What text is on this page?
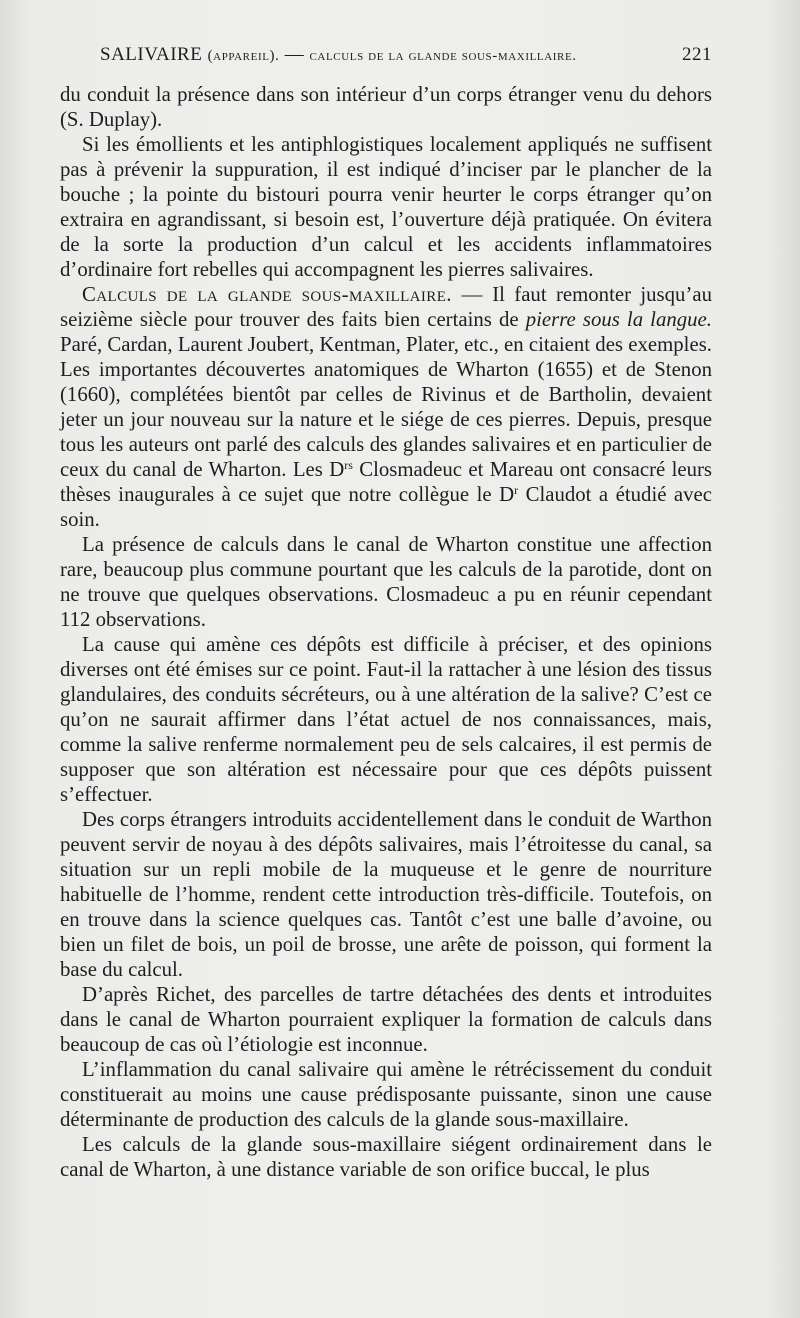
SALIVAIRE (appareil). — calculs de la glande sous-maxillaire.	221

du conduit la présence dans son intérieur d’un corps étranger venu du dehors (S. Duplay).

Si les émollients et les antiphlogistiques localement appliqués ne suffisent pas à prévenir la suppuration, il est indiqué d’inciser par le plancher de la bouche ; la pointe du bistouri pourra venir heurter le corps étranger qu’on extraira en agrandissant, si besoin est, l’ouverture déjà pratiquée. On évitera de la sorte la production d’un calcul et les accidents inflammatoires d’ordinaire fort rebelles qui accompagnent les pierres salivaires.

Calculs de la glande sous-maxillaire. — Il faut remonter jusqu’au seizième siècle pour trouver des faits bien certains de pierre sous la langue. Paré, Cardan, Laurent Joubert, Kentman, Plater, etc., en citaient des exemples. Les importantes découvertes anatomiques de Wharton (1655) et de Stenon (1660), complétées bientôt par celles de Rivinus et de Bartholin, devaient jeter un jour nouveau sur la nature et le siége de ces pierres. Depuis, presque tous les auteurs ont parlé des calculs des glandes salivaires et en particulier de ceux du canal de Wharton. Les $D^{rs}$ Closmadeuc et Mareau ont consacré leurs thèses inaugurales à ce sujet que notre collègue le $D^r$ Claudot a étudié avec soin.

La présence de calculs dans le canal de Wharton constitue une affection rare, beaucoup plus commune pourtant que les calculs de la parotide, dont on ne trouve que quelques observations. Closmadeuc a pu en réunir cependant 112 observations.

La cause qui amène ces dépôts est difficile à préciser, et des opinions diverses ont été émises sur ce point. Faut-il la rattacher à une lésion des tissus glandulaires, des conduits sécréteurs, ou à une altération de la salive? C’est ce qu’on ne saurait affirmer dans l’état actuel de nos connaissances, mais, comme la salive renferme normalement peu de sels calcaires, il est permis de supposer que son altération est nécessaire pour que ces dépôts puissent s’effectuer.

Des corps étrangers introduits accidentellement dans le conduit de Warthon peuvent servir de noyau à des dépôts salivaires, mais l’étroitesse du canal, sa situation sur un repli mobile de la muqueuse et le genre de nourriture habituelle de l’homme, rendent cette introduction très-difficile. Toutefois, on en trouve dans la science quelques cas. Tantôt c’est une balle d’avoine, ou bien un filet de bois, un poil de brosse, une arête de poisson, qui forment la base du calcul.

D’après Richet, des parcelles de tartre détachées des dents et introduites dans le canal de Wharton pourraient expliquer la formation de calculs dans beaucoup de cas où l’étiologie est inconnue.

L’inflammation du canal salivaire qui amène le rétrécissement du conduit constituerait au moins une cause prédisposante puissante, sinon une cause déterminante de production des calculs de la glande sous-maxillaire.

Les calculs de la glande sous-maxillaire siégent ordinairement dans le canal de Wharton, à une distance variable de son orifice buccal, le plus
